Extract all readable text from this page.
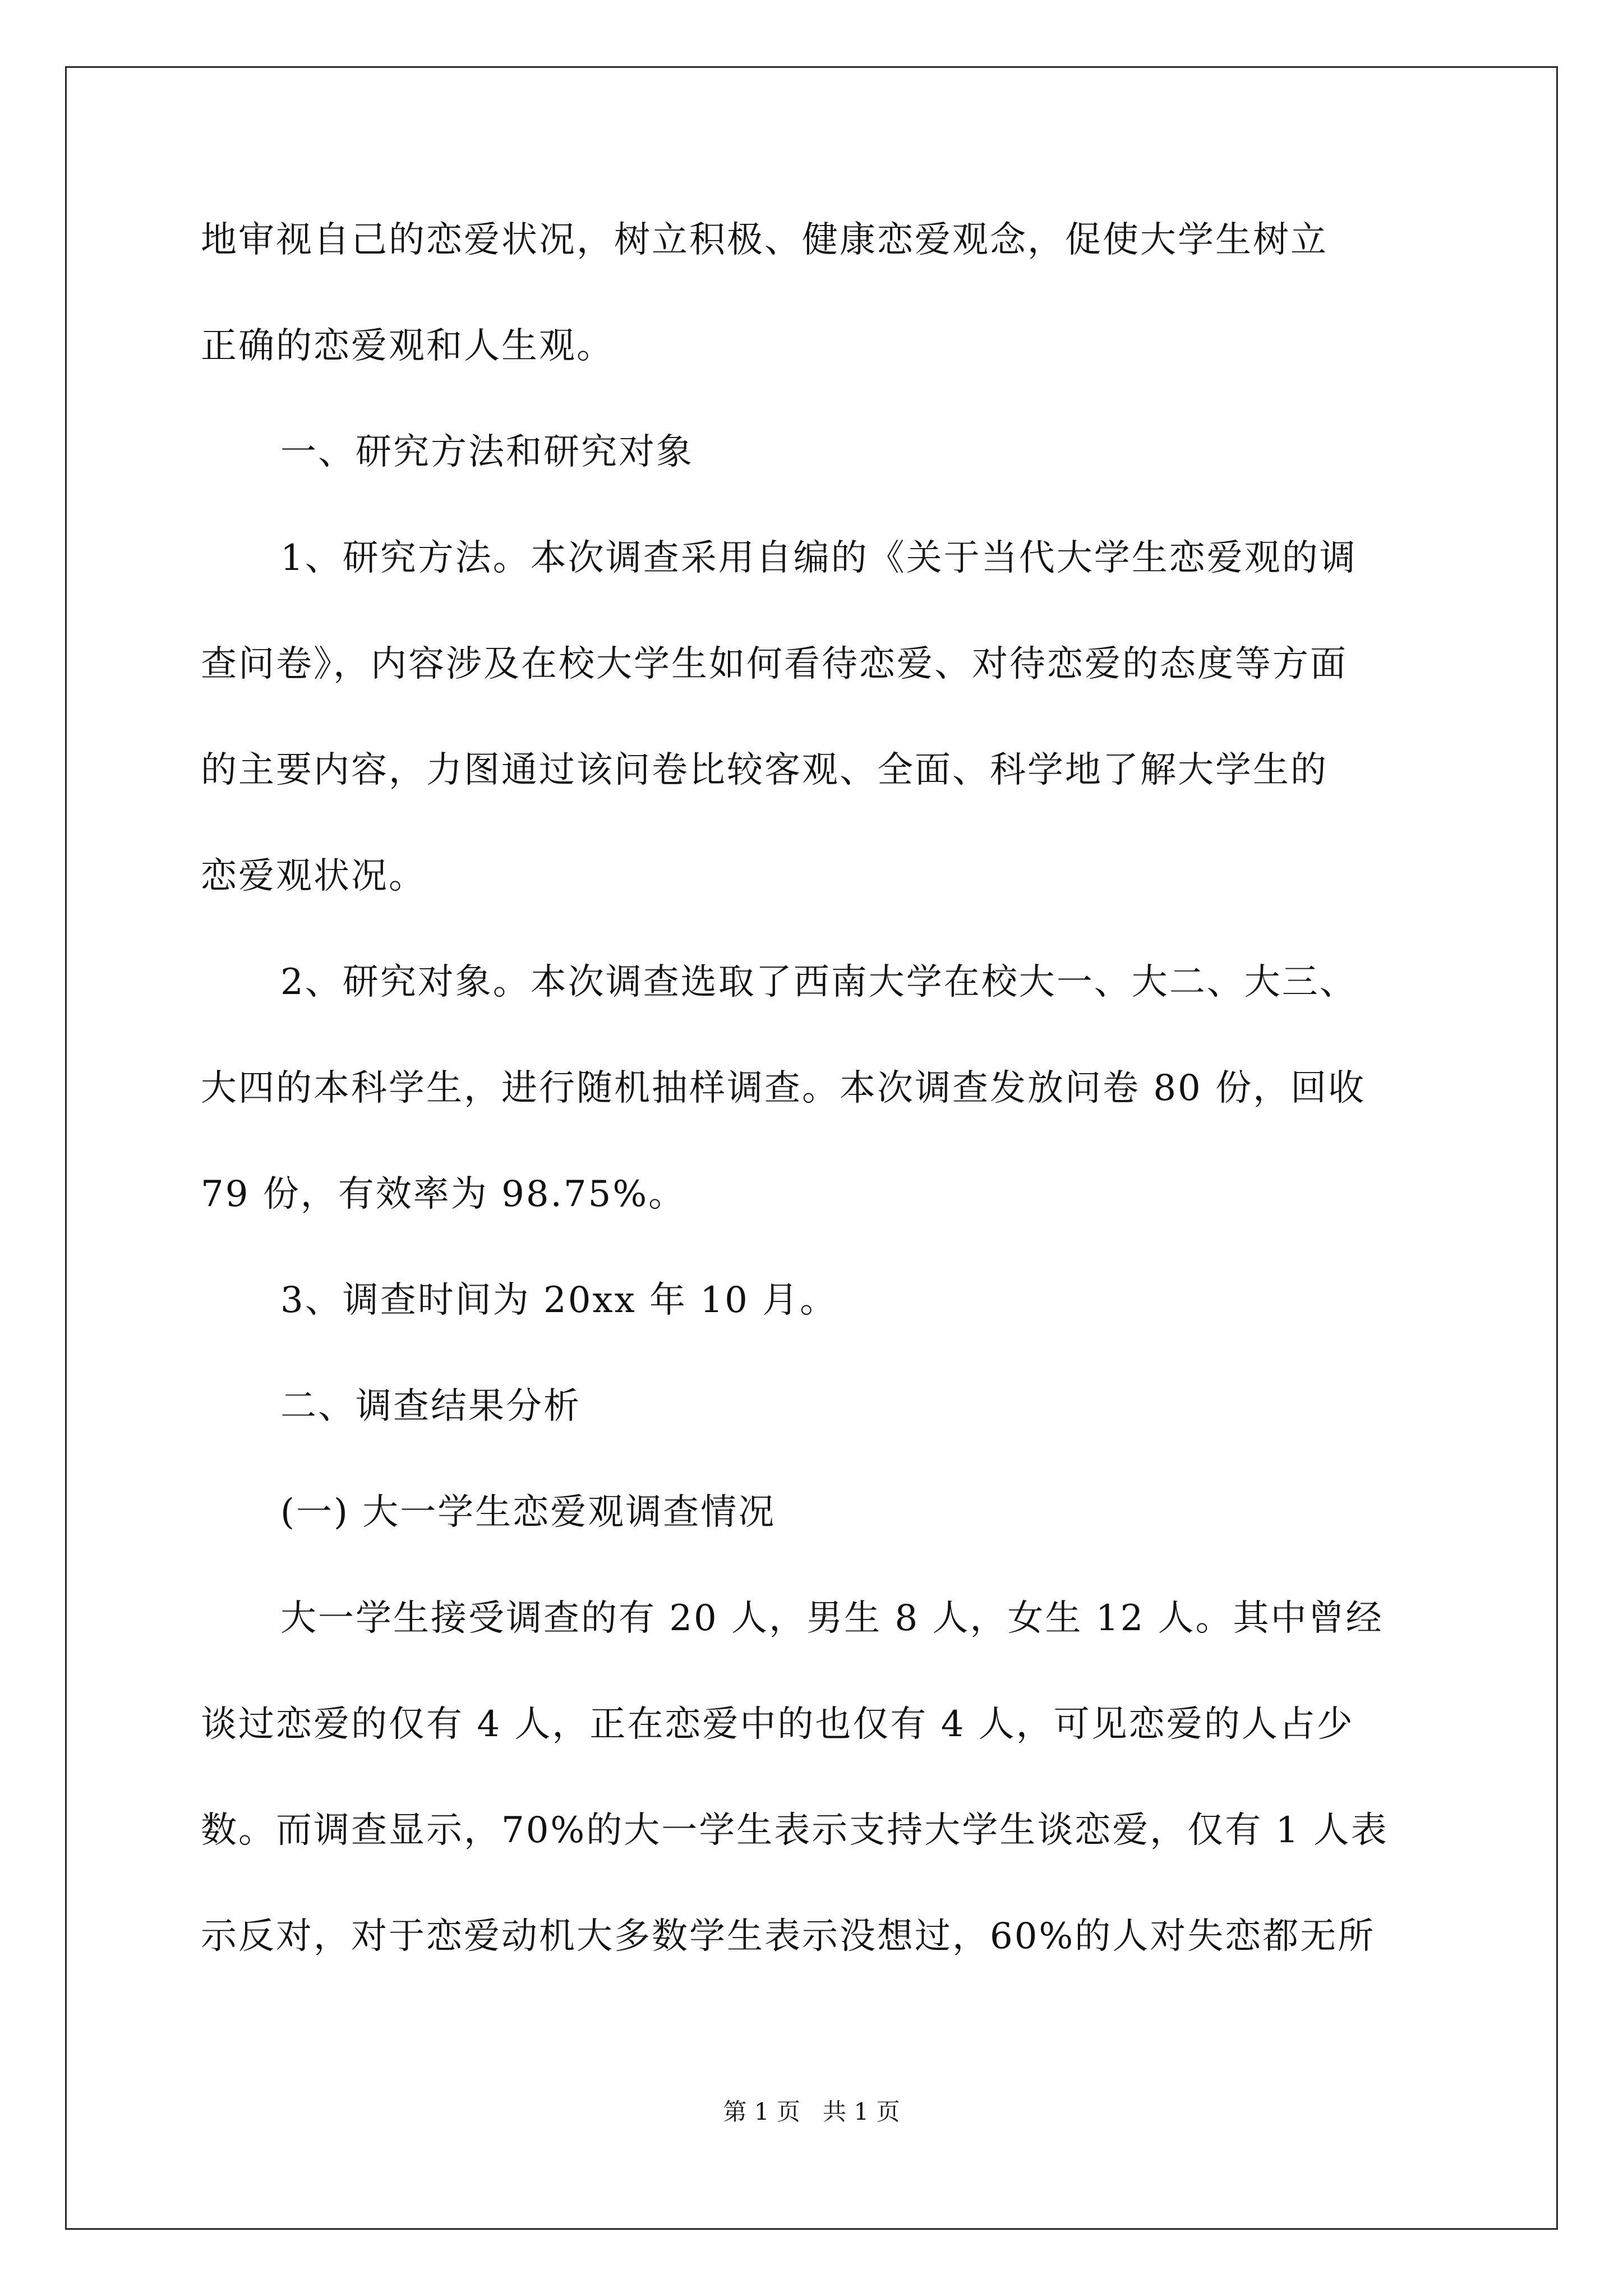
地审视自己的恋爱状况，树立积极、健康恋爱观念，促使大学生树立
正确的恋爱观和人生观。
一、研究方法和研究对象
1、研究方法。本次调查采用自编的《关于当代大学生恋爱观的调
查问卷》，内容涉及在校大学生如何看待恋爱、对待恋爱的态度等方面
的主要内容，力图通过该问卷比较客观、全面、科学地了解大学生的
恋爱观状况。
2、研究对象。本次调查选取了西南大学在校大一、大二、大三、
大四的本科学生，进行随机抽样调查。本次调查发放问卷 80 份，回收
79 份，有效率为 98.75%。
3、调查时间为 20xx 年 10 月。
二、调查结果分析
(一) 大一学生恋爱观调查情况
大一学生接受调查的有 20 人，男生 8 人，女生 12 人。其中曾经
谈过恋爱的仅有 4 人，正在恋爱中的也仅有 4 人，可见恋爱的人占少
数。而调查显示，70%的大一学生表示支持大学生谈恋爱，仅有 1 人表
示反对，对于恋爱动机大多数学生表示没想过，60%的人对失恋都无所
第 1 页   共 1 页
